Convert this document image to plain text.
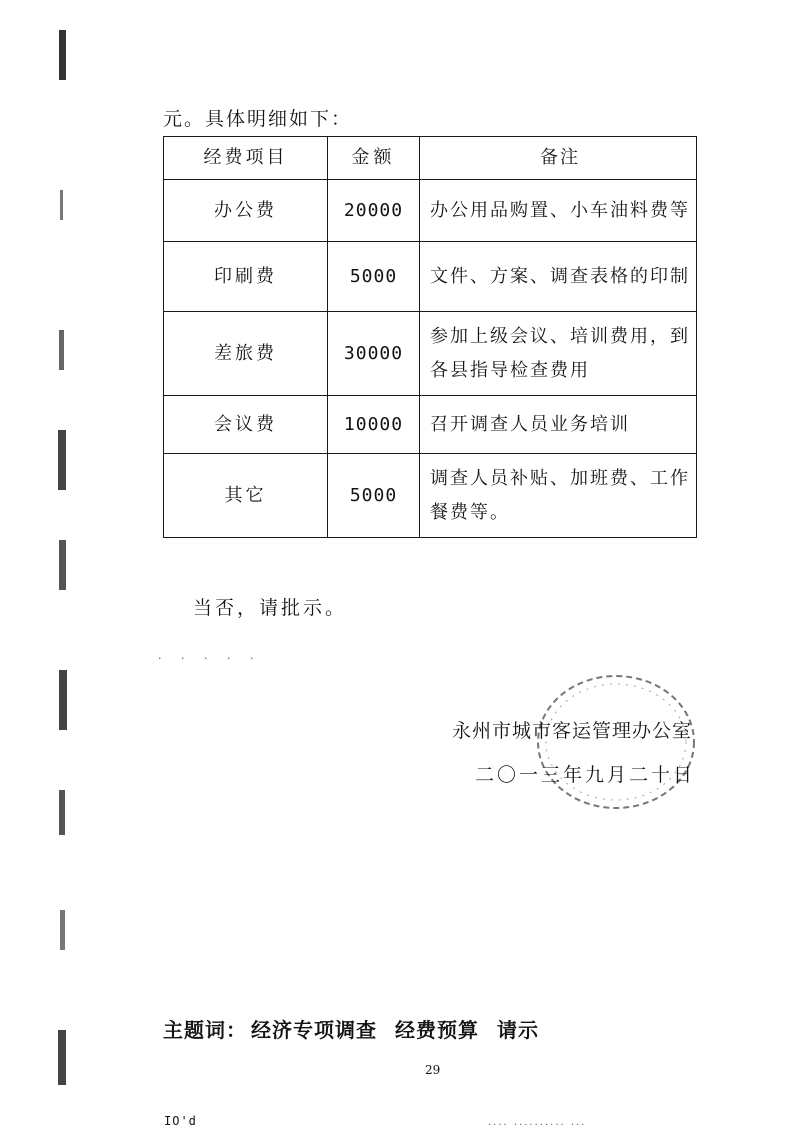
元。具体明细如下：
经费项目	金额	备注
办公费	20000	办公用品购置、小车油料费等
印刷费	5000	文件、方案、调查表格的印制
差旅费	30000	参加上级会议、培训费用，到各县指导检查费用
会议费	10000	召开调查人员业务培训
其它	5000	调查人员补贴、加班费、工作餐费等。
当否，请批示。
· · · · ·
永州市城市客运管理办公室
二〇一三年九月二十日
主题词： 经济专项调查 经费预算 请示
29
IO'd	···· ·········· ···
